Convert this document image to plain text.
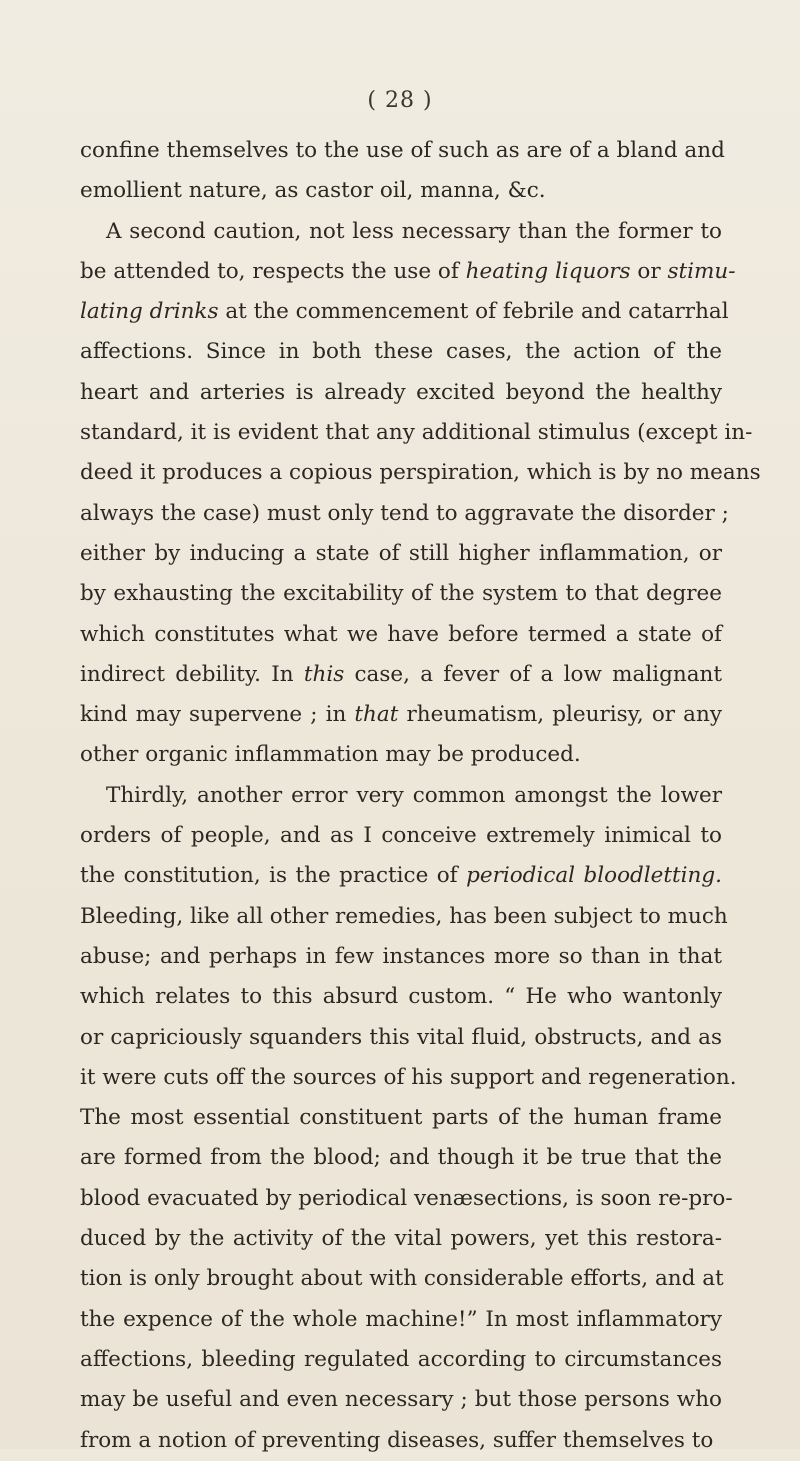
( 28 )
confine themselves to the use of such as are of a bland and
emollient nature, as castor oil, manna, &c.
A second caution, not less necessary than the former to
be attended to, respects the use of heating liquors or stimu-
lating drinks at the commencement of febrile and catarrhal
affections. Since in both these cases, the action of the
heart and arteries is already excited beyond the healthy
standard, it is evident that any additional stimulus (except in-
deed it produces a copious perspiration, which is by no means
always the case) must only tend to aggravate the disorder ;
either by inducing a state of still higher inflammation, or
by exhausting the excitability of the system to that degree
which constitutes what we have before termed a state of
indirect debility. In this case, a fever of a low malignant
kind may supervene ; in that rheumatism, pleurisy, or any
other organic inflammation may be produced.
Thirdly, another error very common amongst the lower
orders of people, and as I conceive extremely inimical to
the constitution, is the practice of periodical bloodletting.
Bleeding, like all other remedies, has been subject to much
abuse; and perhaps in few instances more so than in that
which relates to this absurd custom. “ He who wantonly
or capriciously squanders this vital fluid, obstructs, and as
it were cuts off the sources of his support and regeneration.
The most essential constituent parts of the human frame
are formed from the blood; and though it be true that the
blood evacuated by periodical venæsections, is soon re-pro-
duced by the activity of the vital powers, yet this restora-
tion is only brought about with considerable efforts, and at
the expence of the whole machine!” In most inflammatory
affections, bleeding regulated according to circumstances
may be useful and even necessary ; but those persons who
from a notion of preventing diseases, suffer themselves to
